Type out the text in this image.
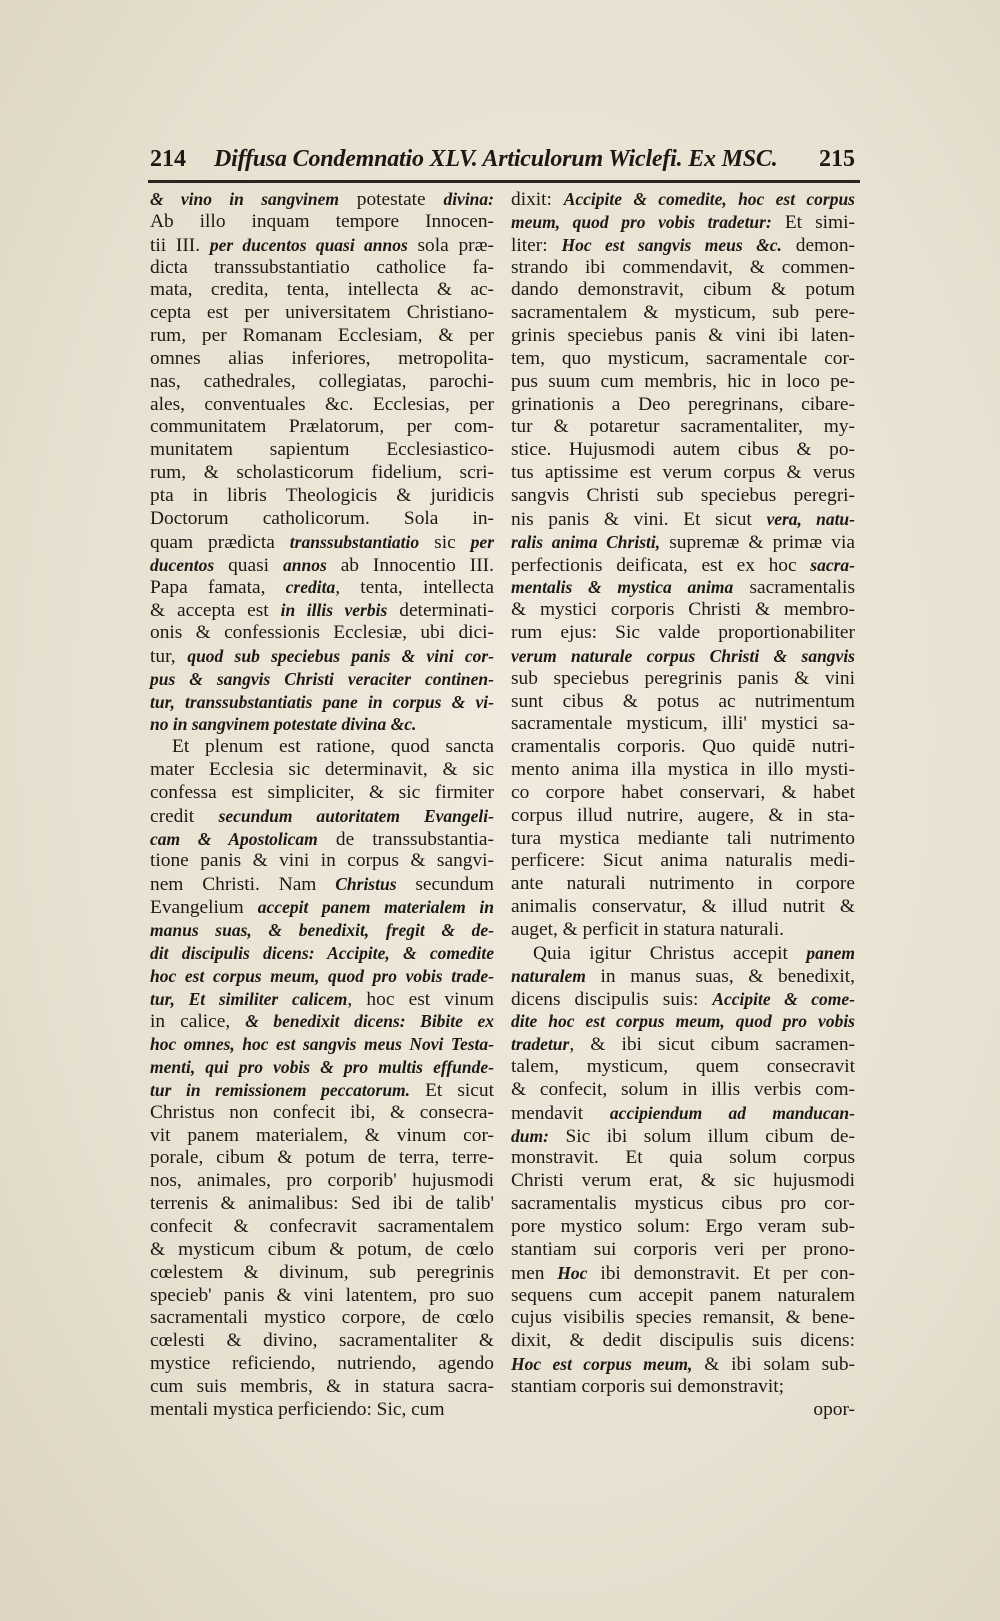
214 Diffusa Condemnatio XLV. Articulorum Wiclefi. Ex MSC. 215
& vino in sangvinem potestate divina:
Ab illo inquam tempore Innocen-
tii III. per ducentos quasi annos sola præ-
dicta transsubstantiatio catholice fa-
mata, credita, tenta, intellecta & ac-
cepta est per universitatem Christiano-
rum, per Romanam Ecclesiam, & per
omnes alias inferiores, metropolita-
nas, cathedrales, collegiatas, parochi-
ales, conventuales &c. Ecclesias, per
communitatem Prælatorum, per com-
munitatem sapientum Ecclesiastico-
rum, & scholasticorum fidelium, scri-
pta in libris Theologicis & juridicis
Doctorum catholicorum. Sola in-
quam prædicta transsubstantiatio sic per
ducentos quasi annos ab Innocentio III.
Papa famata, credita, tenta, intellecta
& accepta est in illis verbis determinati-
onis & confessionis Ecclesiæ, ubi dici-
tur, quod sub speciebus panis & vini cor-
pus & sangvis Christi veraciter continen-
tur, transsubstantiatis pane in corpus & vi-
no in sangvinem potestate divina &c.
Et plenum est ratione, quod sancta
mater Ecclesia sic determinavit, & sic
confessa est simpliciter, & sic firmiter
credit secundum autoritatem Evangeli-
cam & Apostolicam de transsubstantia-
tione panis & vini in corpus & sangvi-
nem Christi. Nam Christus secundum
Evangelium accepit panem materialem in
manus suas, & benedixit, fregit & de-
dit discipulis dicens: Accipite, & comedite
hoc est corpus meum, quod pro vobis trade-
tur, Et similiter calicem, hoc est vinum
in calice, & benedixit dicens: Bibite ex
hoc omnes, hoc est sangvis meus Novi Testa-
menti, qui pro vobis & pro multis effunde-
tur in remissionem peccatorum. Et sicut
Christus non confecit ibi, & consecra-
vit panem materialem, & vinum cor-
porale, cibum & potum de terra, terre-
nos, animales, pro corporib' hujusmodi
terrenis & animalibus: Sed ibi de talib'
confecit & confecravit sacramentalem
& mysticum cibum & potum, de cœlo
cœlestem & divinum, sub peregrinis
specieb' panis & vini latentem, pro suo
sacramentali mystico corpore, de cœlo
cœlesti & divino, sacramentaliter &
mystice reficiendo, nutriendo, agendo
cum suis membris, & in statura sacra-
mentali mystica perficiendo: Sic, cum
dixit: Accipite & comedite, hoc est corpus
meum, quod pro vobis tradetur: Et simi-
liter: Hoc est sangvis meus &c. demon-
strando ibi commendavit, & commen-
dando demonstravit, cibum & potum
sacramentalem & mysticum, sub pere-
grinis speciebus panis & vini ibi laten-
tem, quo mysticum, sacramentale cor-
pus suum cum membris, hic in loco pe-
grinationis a Deo peregrinans, cibare-
tur & potaretur sacramentaliter, my-
stice. Hujusmodi autem cibus & po-
tus aptissime est verum corpus & verus
sangvis Christi sub speciebus peregri-
nis panis & vini. Et sicut vera, natu-
ralis anima Christi, supremæ & primæ via
perfectionis deificata, est ex hoc sacra-
mentalis & mystica anima sacramentalis
& mystici corporis Christi & membro-
rum ejus: Sic valde proportionabiliter
verum naturale corpus Christi & sangvis
sub speciebus peregrinis panis & vini
sunt cibus & potus ac nutrimentum
sacramentale mysticum, illi' mystici sa-
cramentalis corporis. Quo quidē nutri-
mento anima illa mystica in illo mysti-
co corpore habet conservari, & habet
corpus illud nutrire, augere, & in sta-
tura mystica mediante tali nutrimento
perficere: Sicut anima naturalis medi-
ante naturali nutrimento in corpore
animalis conservatur, & illud nutrit &
auget, & perficit in statura naturali.
Quia igitur Christus accepit panem
naturalem in manus suas, & benedixit,
dicens discipulis suis: Accipite & come-
dite hoc est corpus meum, quod pro vobis
tradetur, & ibi sicut cibum sacramen-
talem, mysticum, quem consecravit
& confecit, solum in illis verbis com-
mendavit accipiendum ad manducan-
dum: Sic ibi solum illum cibum de-
monstravit. Et quia solum corpus
Christi verum erat, & sic hujusmodi
sacramentalis mysticus cibus pro cor-
pore mystico solum: Ergo veram sub-
stantiam sui corporis veri per prono-
men Hoc ibi demonstravit. Et per con-
sequens cum accepit panem naturalem
cujus visibilis species remansit, & bene-
dixit, & dedit discipulis suis dicens:
Hoc est corpus meum, & ibi solam sub-
stantiam corporis sui demonstravit;
opor-
